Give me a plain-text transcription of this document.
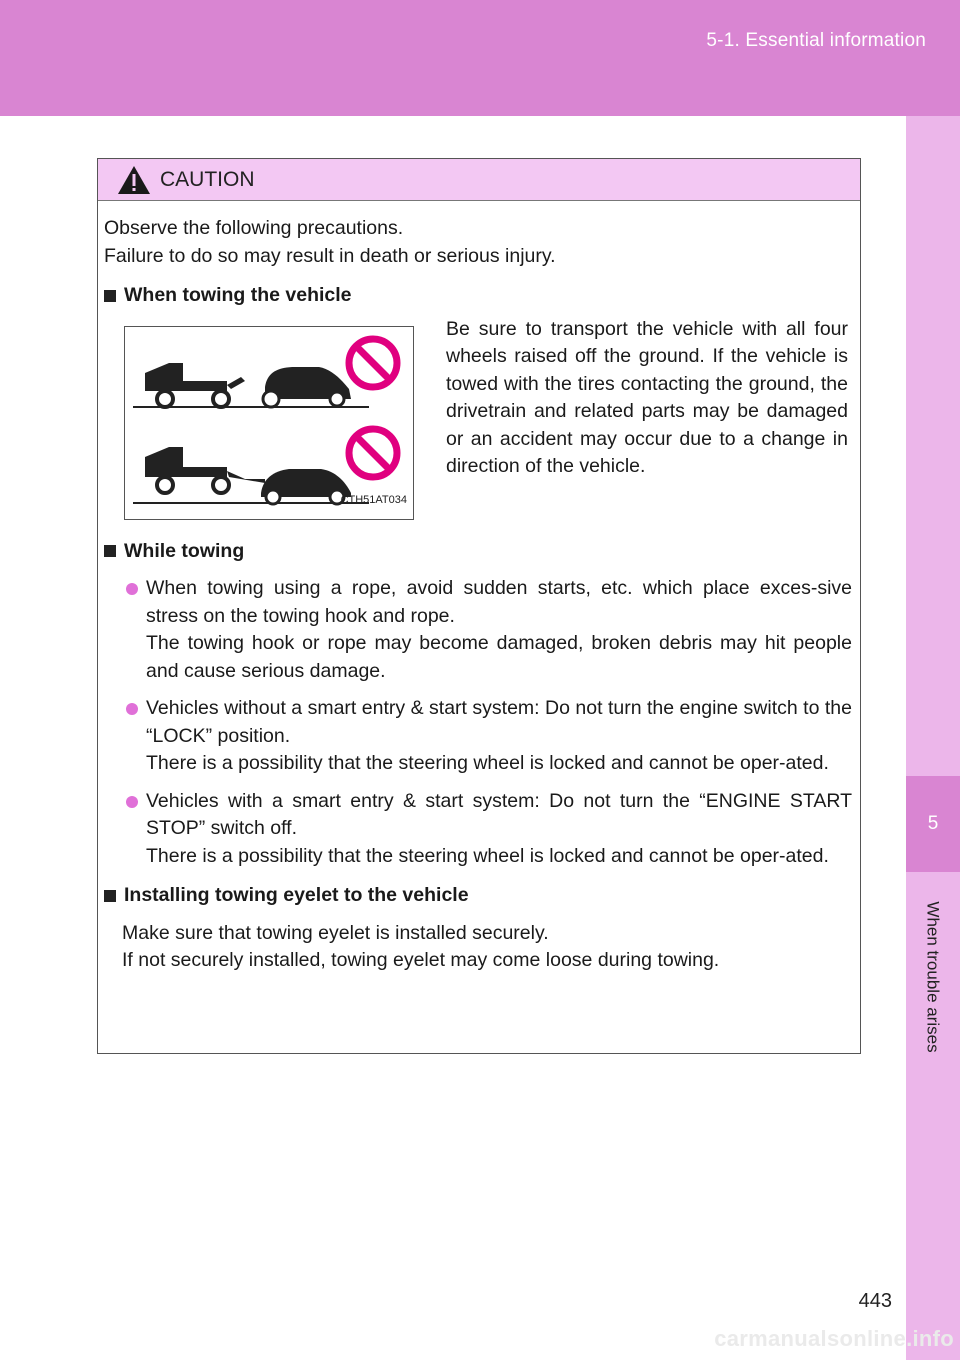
5-1. Essential information
5
When trouble arises
CAUTION

Observe the following precautions.

Failure to do so may result in death or serious injury.

When towing the vehicle
CTH51AT034
Be sure to transport the vehicle with all four wheels raised off the ground. If the vehicle is towed with the tires contacting the ground, the drivetrain and related parts may be damaged or an accident may occur due to a change in direction of the vehicle.
While towing
When towing using a rope, avoid sudden starts, etc. which place exces-sive stress on the towing hook and rope.
The towing hook or rope may become damaged, broken debris may hit people and cause serious damage.
Vehicles without a smart entry & start system: Do not turn the engine switch to the “LOCK” position.
There is a possibility that the steering wheel is locked and cannot be oper-ated.
Vehicles with a smart entry & start system: Do not turn the “ENGINE START STOP” switch off.
There is a possibility that the steering wheel is locked and cannot be oper-ated.
Installing towing eyelet to the vehicle
Make sure that towing eyelet is installed securely.
If not securely installed, towing eyelet may come loose during towing.
443
carmanualsonline.info
